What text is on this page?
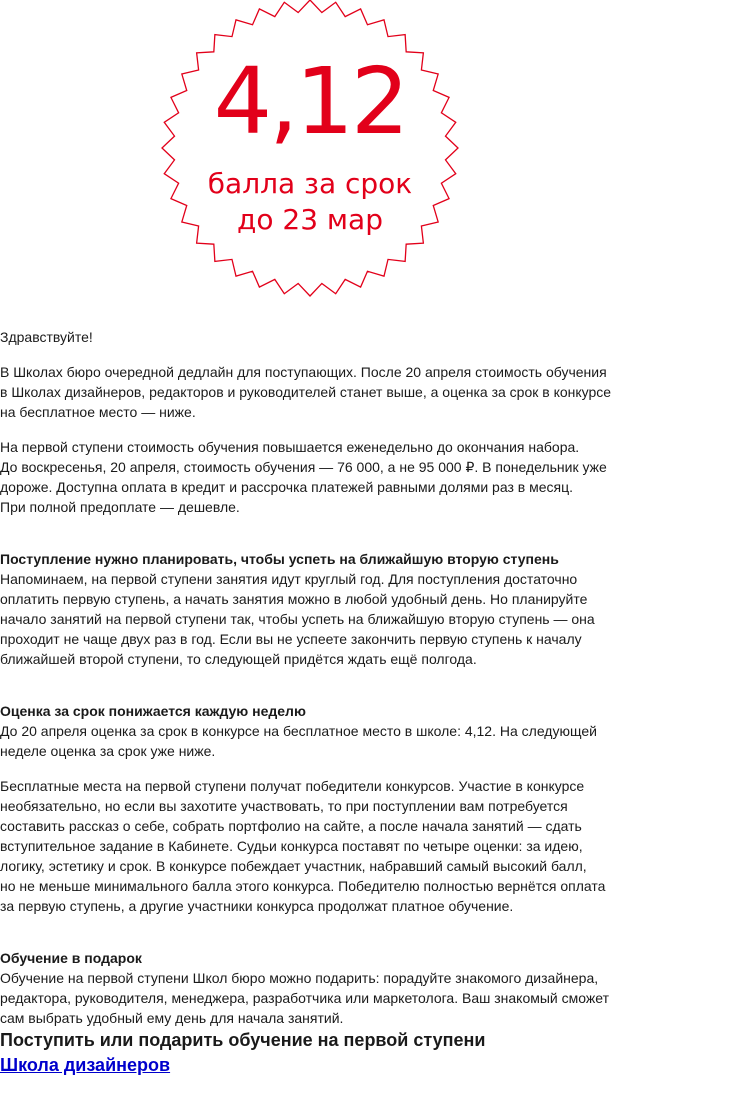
4,12
балла за срок
до 23 мар

Здравствуйте!

В Школах бюро очередной дедлайн для поступающих. После 20 апреля стоимость обучения
в Школах дизайнеров, редакторов и руководителей станет выше, а оценка за срок в конкурсе
на бесплатное место — ниже.

На первой ступени стоимость обучения повышается еженедельно до окончания набора.
До воскресенья, 20 апреля, стоимость обучения — 76 000, а не 95 000 ₽. В понедельник уже
дороже. Доступна оплата в кредит и рассрочка платежей равными долями раз в месяц.
При полной предоплате — дешевле.

Поступление нужно планировать, чтобы успеть на ближайшую вторую ступень

Напоминаем, на первой ступени занятия идут круглый год. Для поступления достаточно
оплатить первую ступень, а начать занятия можно в любой удобный день. Но планируйте
начало занятий на первой ступени так, чтобы успеть на ближайшую вторую ступень — она
проходит не чаще двух раз в год. Если вы не успеете закончить первую ступень к началу
ближайшей второй ступени, то следующей придётся ждать ещё полгода.

Оценка за срок понижается каждую неделю

До 20 апреля оценка за срок в конкурсе на бесплатное место в школе: 4,12. На следующей
неделе оценка за срок уже ниже.

Бесплатные места на первой ступени получат победители конкурсов. Участие в конкурсе
необязательно, но если вы захотите участвовать, то при поступлении вам потребуется
составить рассказ о себе, собрать портфолио на сайте, а после начала занятий — сдать
вступительное задание в Кабинете. Судьи конкурса поставят по четыре оценки: за идею,
логику, эстетику и срок. В конкурсе побеждает участник, набравший самый высокий балл,
но не меньше минимального балла этого конкурса. Победителю полностью вернётся оплата
за первую ступень, а другие участники конкурса продолжат платное обучение.

Обучение в подарок

Обучение на первой ступени Школ бюро можно подарить: порадуйте знакомого дизайнера,
редактора, руководителя, менеджера, разработчика или маркетолога. Ваш знакомый сможет
сам выбрать удобный ему день для начала занятий.

Поступить или подарить обучение на первой ступени

Школа дизайнеров
